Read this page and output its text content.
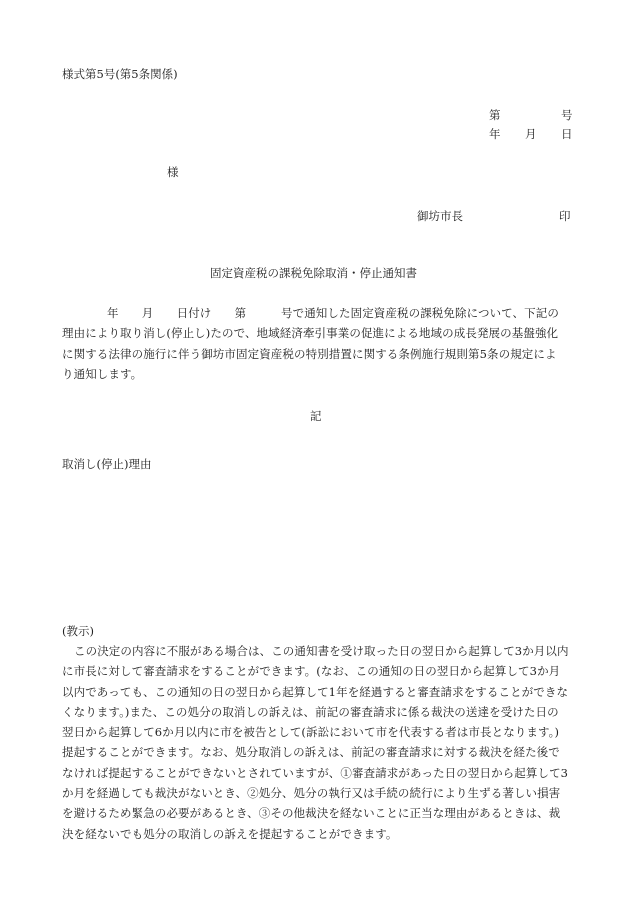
様式第5号(第5条関係)
第	号
年 月 日
様
御坊市長	印
固定資産税の課税免除取消・停止通知書
年　　月　　日付け　　第　　　号で通知した固定資産税の課税免除について、下記の
理由により取り消し(停止し)たので、地域経済牽引事業の促進による地域の成長発展の基盤強化
に関する法律の施行に伴う御坊市固定資産税の特別措置に関する条例施行規則第5条の規定によ
り通知します。
記
取消し(停止)理由
(教示)
この決定の内容に不服がある場合は、この通知書を受け取った日の翌日から起算して3か月以内
に市長に対して審査請求をすることができます。(なお、この通知の日の翌日から起算して3か月
以内であっても、この通知の日の翌日から起算して1年を経過すると審査請求をすることができな
くなります。)また、この処分の取消しの訴えは、前記の審査請求に係る裁決の送達を受けた日の
翌日から起算して6か月以内に市を被告として(訴訟において市を代表する者は市長となります。)
提起することができます。なお、処分取消しの訴えは、前記の審査請求に対する裁決を経た後で
なければ提起することができないとされていますが、①審査請求があった日の翌日から起算して3
か月を経過しても裁決がないとき、②処分、処分の執行又は手続の続行により生ずる著しい損害
を避けるため緊急の必要があるとき、③その他裁決を経ないことに正当な理由があるときは、裁
決を経ないでも処分の取消しの訴えを提起することができます。
